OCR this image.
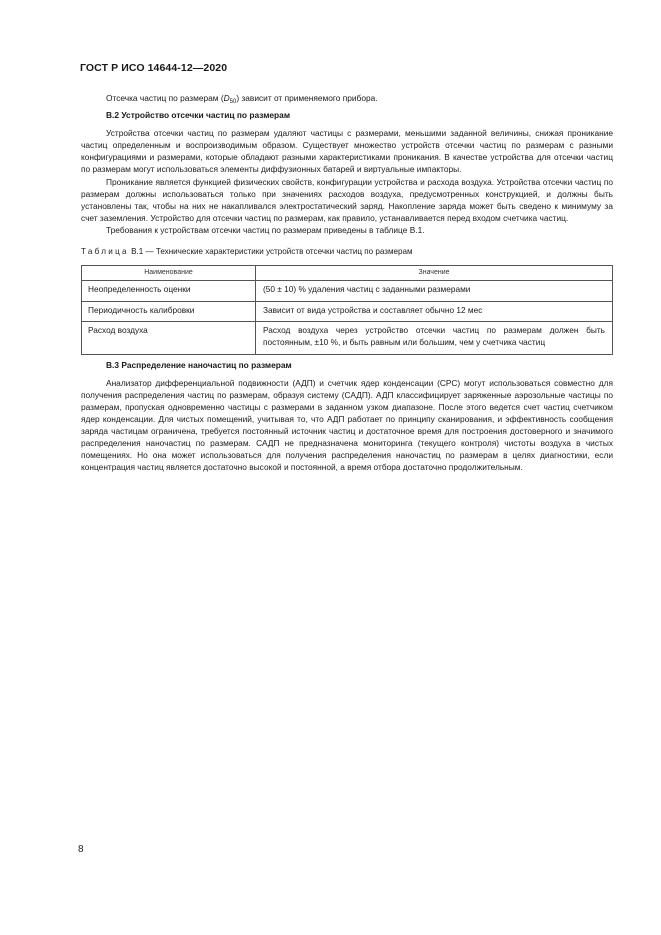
ГОСТ Р ИСО 14644-12—2020

Отсечка частиц по размерам $(D_{50})$ зависит от применяемого прибора.

В.2 Устройство отсечки частиц по размерам

Устройства отсечки частиц по размерам удаляют частицы с размерами, меньшими заданной величины, снижая проникание частиц определенным и воспроизводимым образом. Существует множество устройств отсечки частиц по размерам с разными конфигурациями и размерами, которые обладают разными характеристиками проникания. В качестве устройства для отсечки частиц по размерам могут использоваться элементы диффузионных батарей и виртуальные импакторы.

Проникание является функцией физических свойств, конфигурации устройства и расхода воздуха. Устройства отсечки частиц по размерам должны использоваться только при значениях расходов воздуха, предусмотренных конструкцией, и должны быть установлены так, чтобы на них не накапливался электростатический заряд. Накопление заряда может быть сведено к минимуму за счет заземления. Устройство для отсечки частиц по размерам, как правило, устанавливается перед входом счетчика частиц.

Требования к устройствам отсечки частиц по размерам приведены в таблице В.1.

Таблица В.1 — Технические характеристики устройств отсечки частиц по размерам
Наименование	Значение
Неопределенность оценки	(50 ± 10) % удаления частиц с заданными размерами
Периодичность калибровки	Зависит от вида устройства и составляет обычно 12 мес
Расход воздуха	Расход воздуха через устройство отсечки частиц по размерам должен быть постоянным, ±10 %, и быть равным или большим, чем у счетчика частиц
В.3 Распределение наночастиц по размерам

Анализатор дифференциальной подвижности (АДП) и счетчик ядер конденсации (СРС) могут использоваться совместно для получения распределения частиц по размерам, образуя систему (САДП). АДП классифицирует заряженные аэрозольные частицы по размерам, пропуская одновременно частицы с размерами в заданном узком диапазоне. После этого ведется счет частиц счетчиком ядер конденсации. Для чистых помещений, учитывая то, что АДП работает по принципу сканирования, и эффективность сообщения заряда частицам ограничена, требуется постоянный источник частиц и достаточное время для построения достоверного и значимого распределения наночастиц по размерам. САДП не предназначена мониторинга (текущего контроля) чистоты воздуха в чистых помещениях. Но она может использоваться для получения распределения наночастиц по размерам в целях диагностики, если концентрация частиц является достаточно высокой и постоянной, а время отбора достаточно продолжительным.

8
